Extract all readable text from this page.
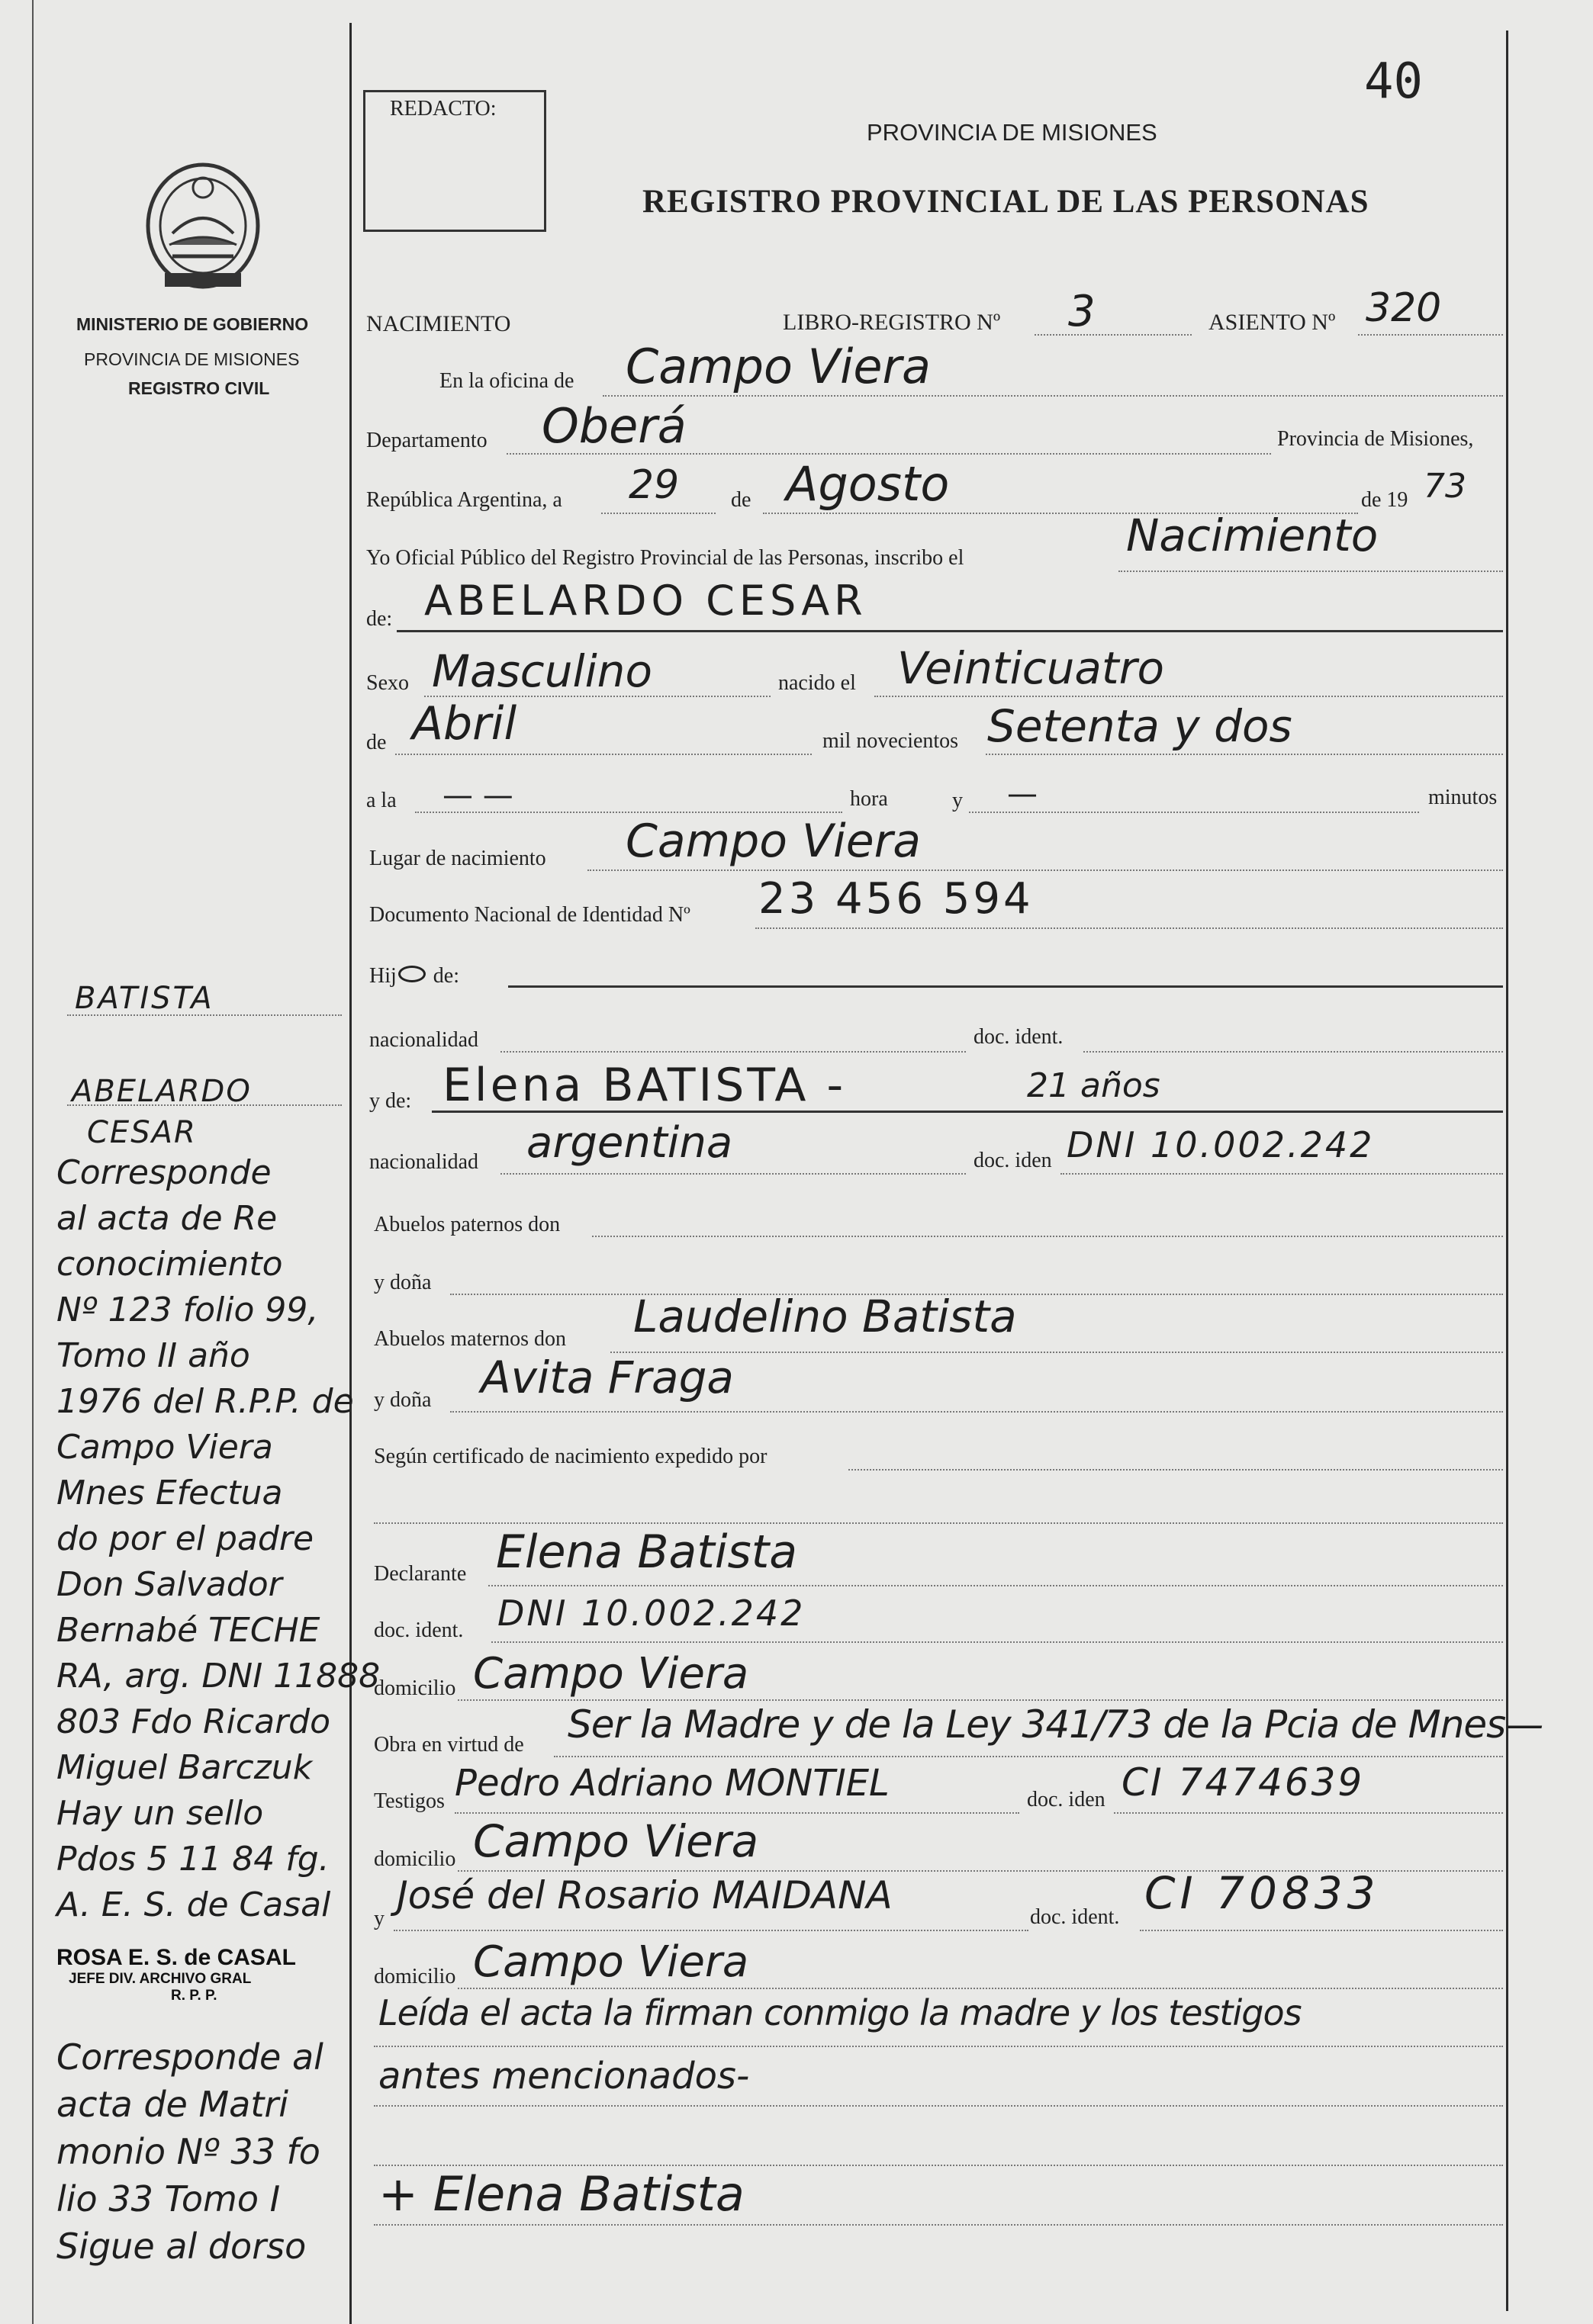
40
REDACTO:
PROVINCIA DE MISIONES
REGISTRO PROVINCIAL DE LAS PERSONAS
MINISTERIO DE GOBIERNO
PROVINCIA DE MISIONES
REGISTRO CIVIL
NACIMIENTO	LIBRO-REGISTRO Nº 3	ASIENTO Nº 320
En la oficina de Campo Viera
Departamento Oberá	Provincia de Misiones,
República Argentina, a 29 de Agosto	de 19 73
Yo Oficial Público del Registro Provincial de las Personas, inscribo el	Nacimiento
de: ABELARDO CESAR
Sexo Masculino	nacido el Veinticuatro
de Abril	mil novecientos Setenta y dos
a la — —	hora	y —	minutos
Lugar de nacimiento Campo Viera
Documento Nacional de Identidad Nº 23 456 594
Hij de:
nacionalidad	doc. ident.
y de: Elena BATISTA -	21 años
nacionalidad argentina	doc. iden DNI 10.002.242
Abuelos paternos don
y doña
Abuelos maternos don Laudelino Batista
y doña Avita Fraga
Según certificado de nacimiento expedido por
Declarante Elena Batista
doc. ident. DNI 10.002.242
domicilio Campo Viera
Obra en virtud de Ser la Madre y de la Ley 341/73 de la Pcia de Mnes—
Testigos Pedro Adriano MONTIEL	doc. iden CI 7474639
domicilio Campo Viera
y
José del Rosario MAIDANA	doc. ident. CI 70833
domicilio Campo Viera
Leída el acta la firman conmigo la madre y los testigos
antes mencionados-
+ Elena Batista
BATISTA
ABELARDO
CESAR
Corresponde
al acta de Re
conocimiento
Nº 123 folio 99,
Tomo II año
1976 del R.P.P. de
Campo Viera
Mnes Efectua
do por el padre
Don Salvador
Bernabé TECHE
RA, arg. DNI 11888
803 Fdo Ricardo
Miguel Barczuk
Hay un sello
Pdos 5 11 84 fg.
A. E. S. de Casal
ROSA E. S. de CASAL
JEFE DIV. ARCHIVO GRAL
R. P. P.
Corresponde al
acta de Matri
monio Nº 33 fo
lio 33 Tomo I
Sigue al dorso
